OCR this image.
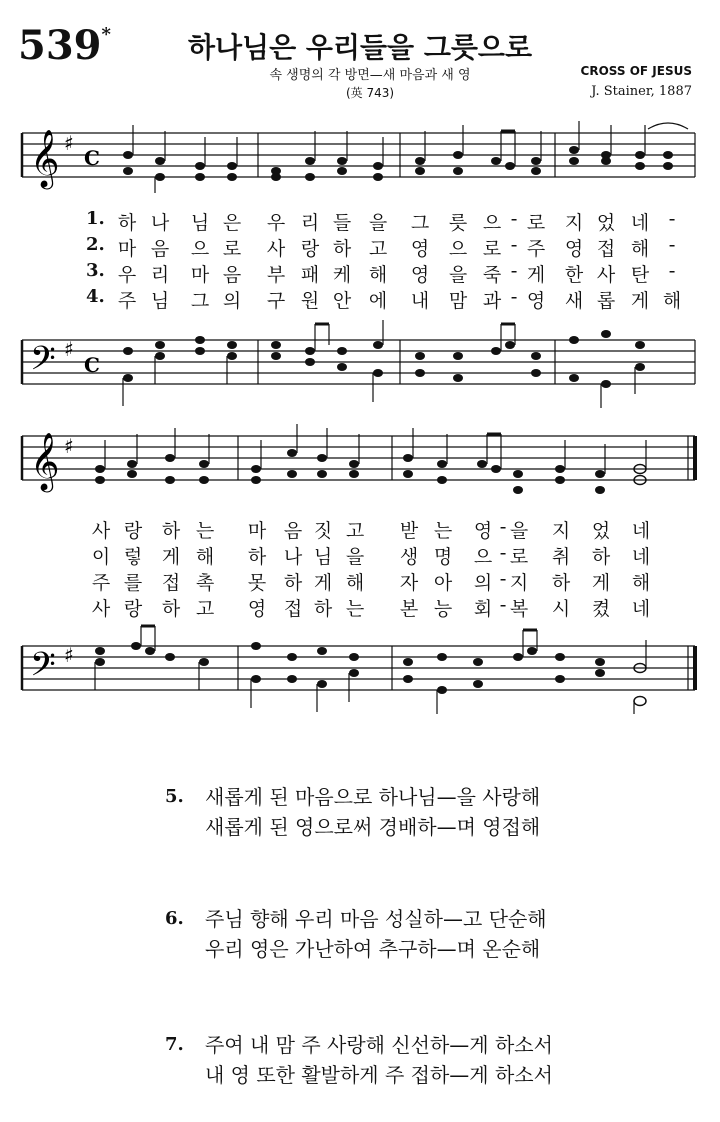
539*	하나님은 우리들을 그릇으로
속 생명의 각 방면—새 마음과 새 영
(英 743)
CROSS OF JESUS
J. Stainer, 1887
𝄞 ♯
C
1. 하 나	님 은	우 리 들 을	그	릇 으 - 로	지 었 네	-
2. 마 음	으 로	사 랑 하 고	영	으 로 - 주	영 접 해	-
3. 우 리	마 음	부 패 케 해	영	을 죽 - 게	한 사 탄	-
4. 주 님	그 의	구 원 안 에	내	맘 과 - 영	새 롭 게 해
𝄢 ♯
C
𝄞 ♯
사 랑	하 는	마 음 짓 고	받 는	영 - 을	지	었	네
이 렇	게 해	하 나 님 을	생 명	으 - 로	취	하	네
주 를	접 촉	못 하 게 해	자 아	의 - 지	하	게	해
사 랑	하 고	영 접 하 는	본 능	회 - 복	시	켰	네
𝄢 ♯
5. 새롭게 된 마음으로 하나님—을 사랑해
새롭게 된 영으로써 경배하—며 영접해
6. 주님 향해 우리 마음 성실하—고 단순해
우리 영은 가난하여 추구하—며 온순해
7. 주여 내 맘 주 사랑해 신선하—게 하소서
내 영 또한 활발하게 주 접하—게 하소서
